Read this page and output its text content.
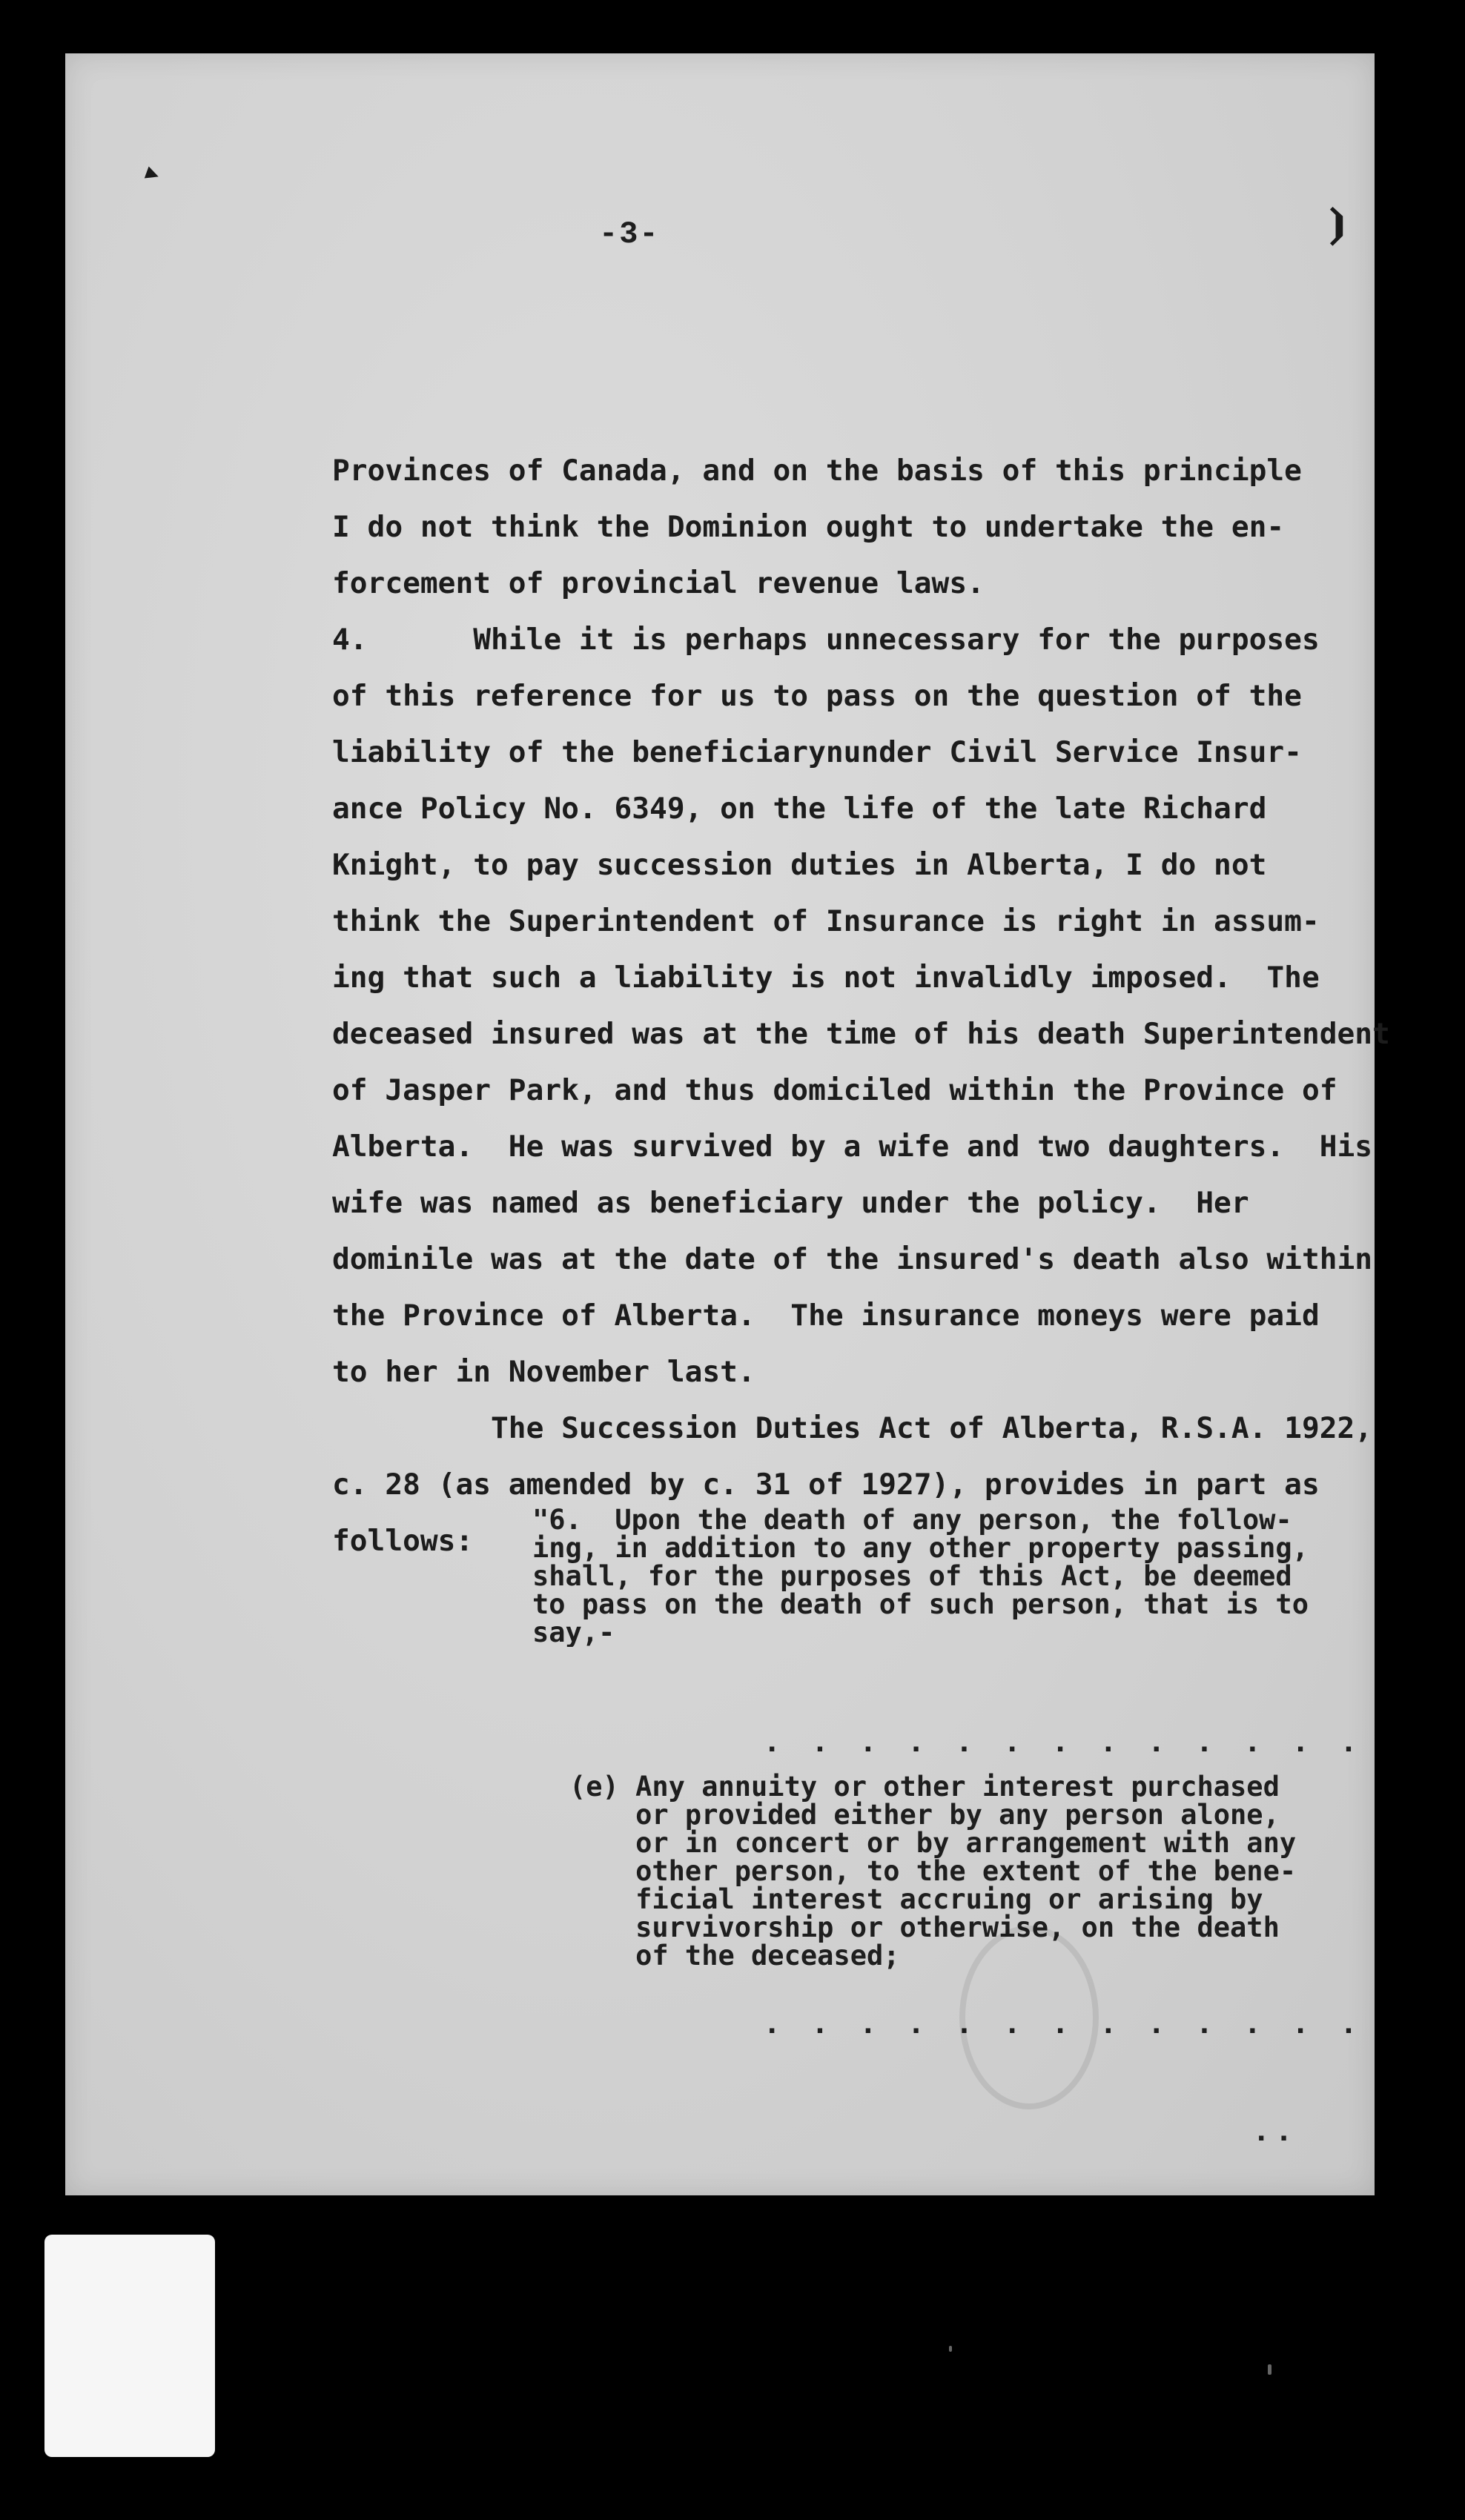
▸
⦘
-3-
Provinces of Canada, and on the basis of this principle
I do not think the Dominion ought to undertake the en-
forcement of provincial revenue laws.
4.      While it is perhaps unnecessary for the purposes
of this reference for us to pass on the question of the
liability of the beneficiarynunder Civil Service Insur-
ance Policy No. 6349, on the life of the late Richard
Knight, to pay succession duties in Alberta, I do not
think the Superintendent of Insurance is right in assum-
ing that such a liability is not invalidly imposed.  The
deceased insured was at the time of his death Superintendent
of Jasper Park, and thus domiciled within the Province of
Alberta.  He was survived by a wife and two daughters.  His
wife was named as beneficiary under the policy.  Her
dominile was at the date of the insured's death also within
the Province of Alberta.  The insurance moneys were paid
to her in November last.
The Succession Duties Act of Alberta, R.S.A. 1922,
c. 28 (as amended by c. 31 of 1927), provides in part as
follows:
"6.  Upon the death of any person, the follow-
ing, in addition to any other property passing,
shall, for the purposes of this Act, be deemed
to pass on the death of such person, that is to
say,-
. . . . . . . . . . . . .
(e) Any annuity or other interest purchased
or provided either by any person alone,
or in concert or by arrangement with any
other person, to the extent of the bene-
ficial interest accruing or arising by
survivorship or otherwise, on the death
of the deceased;
. . . . . . . . . . . . .
..
